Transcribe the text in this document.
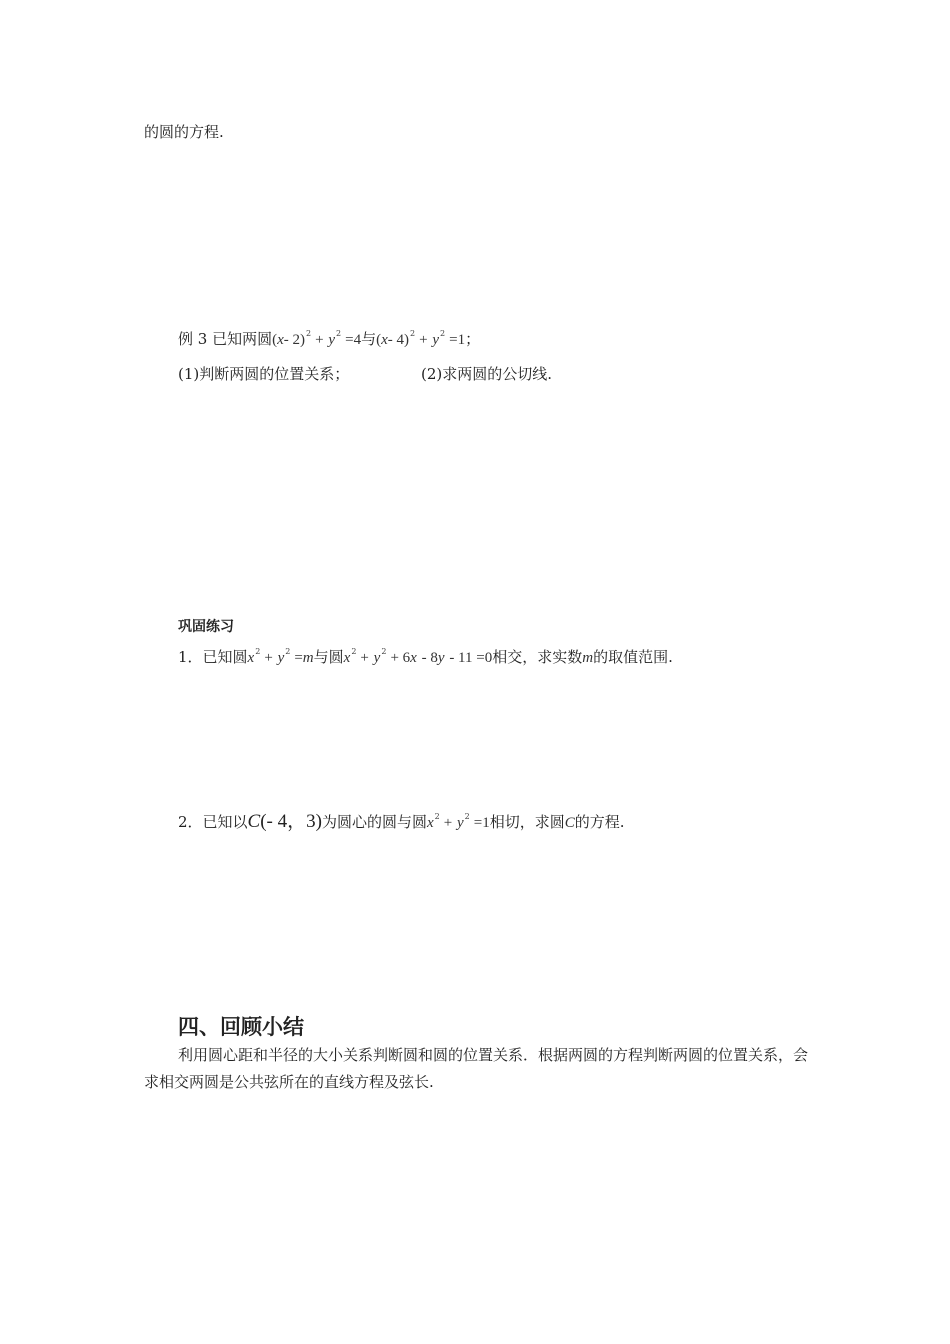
的圆的方程.
例 3 已知两圆(x- $2)^2 + y^2 =4$与(x- $4)^2 + y^2 =1$；
(1)判断两圆的位置关系；	(2)求两圆的公切线.
巩固练习
1．已知圆$x^2 + y^2 =m$与圆$x^2 + y^2 + 6x - 8y - 11 =0$相交，求实数m的取值范围.
2．已知以C(- 4，3)为圆心的圆与圆$x^2 + y^2 =1$相切，求圆C的方程.
四、回顾小结
利用圆心距和半径的大小关系判断圆和圆的位置关系．根据两圆的方程判断两圆的位置关系，会求相交两圆是公共弦所在的直线方程及弦长.
